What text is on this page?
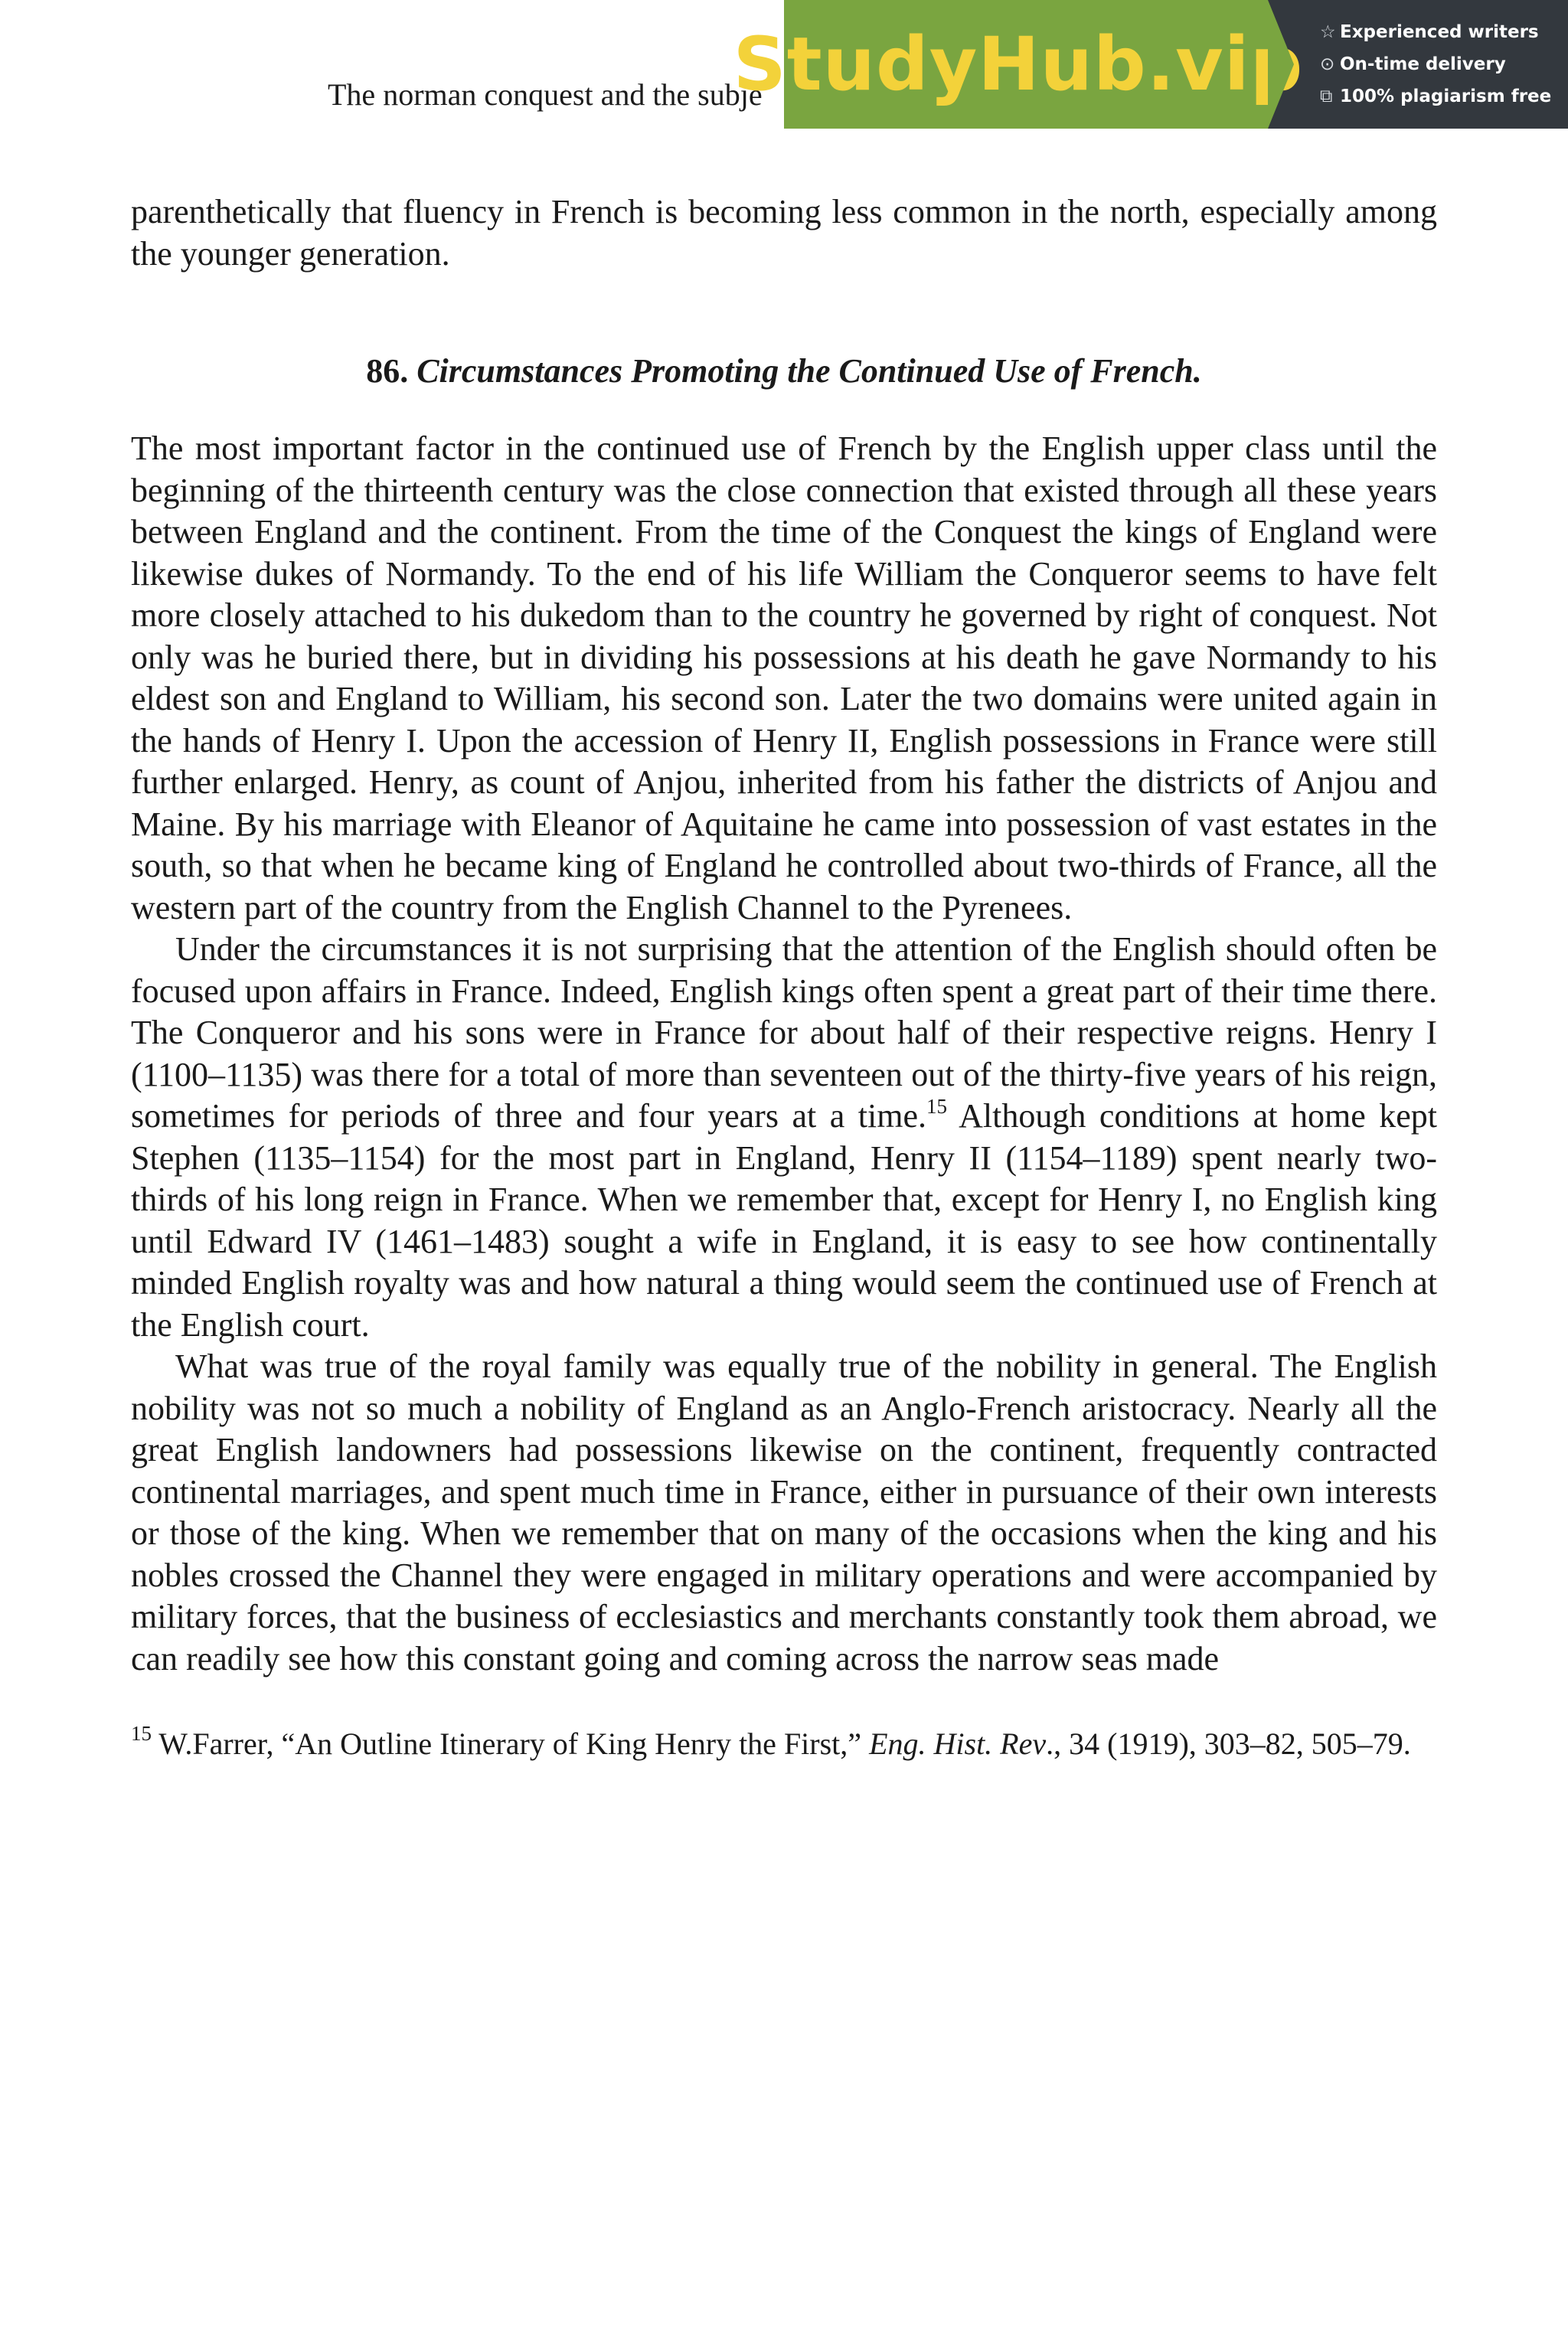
The norman conquest and the subje
StudyHub.vip ☆ Experienced writers
⊙ On-time delivery
⧉ 100% plagiarism free

parenthetically that fluency in French is becoming less common in the north, especially among the younger generation.

86. Circumstances Promoting the Continued Use of French.

The most important factor in the continued use of French by the English upper class until the beginning of the thirteenth century was the close connection that existed through all these years between England and the continent. From the time of the Conquest the kings of England were likewise dukes of Normandy. To the end of his life William the Conqueror seems to have felt more closely attached to his dukedom than to the country he governed by right of conquest. Not only was he buried there, but in dividing his possessions at his death he gave Normandy to his eldest son and England to William, his second son. Later the two domains were united again in the hands of Henry I. Upon the accession of Henry II, English possessions in France were still further enlarged. Henry, as count of Anjou, inherited from his father the districts of Anjou and Maine. By his marriage with Eleanor of Aquitaine he came into possession of vast estates in the south, so that when he became king of England he controlled about two-thirds of France, all the western part of the country from the English Channel to the Pyrenees.

Under the circumstances it is not surprising that the attention of the English should often be focused upon affairs in France. Indeed, English kings often spent a great part of their time there. The Conqueror and his sons were in France for about half of their respective reigns. Henry I (1100–1135) was there for a total of more than seventeen out of the thirty-five years of his reign, sometimes for periods of three and four years at a time.$^{15}$ Although conditions at home kept Stephen (1135–1154) for the most part in England, Henry II (1154–1189) spent nearly two-thirds of his long reign in France. When we remember that, except for Henry I, no English king until Edward IV (1461–1483) sought a wife in England, it is easy to see how continentally minded English royalty was and how natural a thing would seem the continued use of French at the English court.

What was true of the royal family was equally true of the nobility in general. The English nobility was not so much a nobility of England as an Anglo-French aristocracy. Nearly all the great English landowners had possessions likewise on the continent, frequently contracted continental marriages, and spent much time in France, either in pursuance of their own interests or those of the king. When we remember that on many of the occasions when the king and his nobles crossed the Channel they were engaged in military operations and were accompanied by military forces, that the business of ecclesiastics and merchants constantly took them abroad, we can readily see how this constant going and coming across the narrow seas made

$^{15}$ W.Farrer, “An Outline Itinerary of King Henry the First,” Eng. Hist. Rev., 34 (1919), 303–82, 505–79.
